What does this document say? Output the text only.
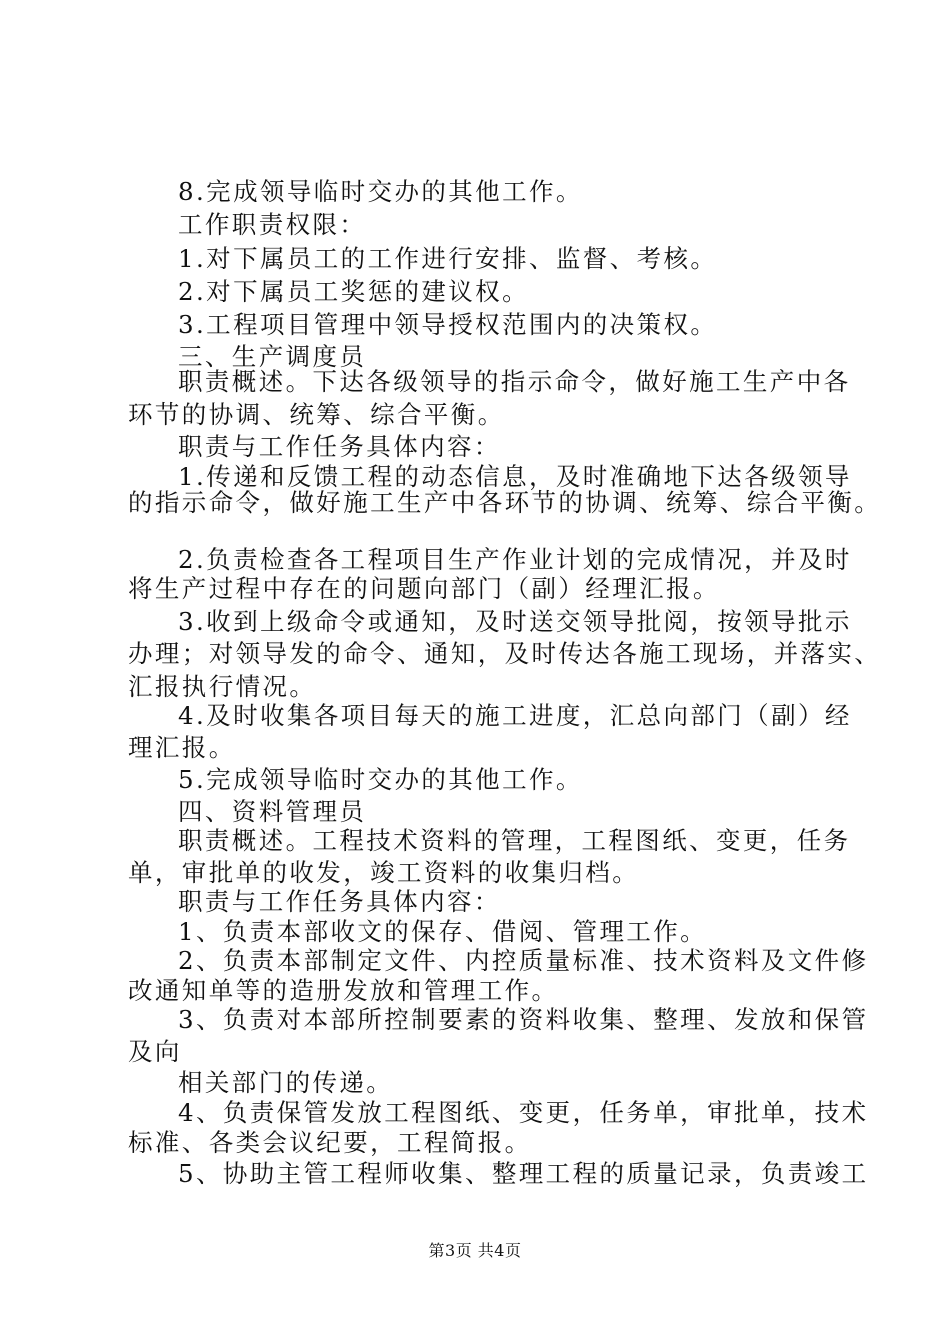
8.完成领导临时交办的其他工作。
工作职责权限：
1.对下属员工的工作进行安排、监督、考核。
2.对下属员工奖惩的建议权。
3.工程项目管理中领导授权范围内的决策权。
三、生产调度员
职责概述。下达各级领导的指示命令，做好施工生产中各
环节的协调、统筹、综合平衡。
职责与工作任务具体内容：
1.传递和反馈工程的动态信息，及时准确地下达各级领导
的指示命令，做好施工生产中各环节的协调、统筹、综合平衡。
2.负责检查各工程项目生产作业计划的完成情况，并及时
将生产过程中存在的问题向部门（副）经理汇报。
3.收到上级命令或通知，及时送交领导批阅，按领导批示
办理；对领导发的命令、通知，及时传达各施工现场，并落实、
汇报执行情况。
4.及时收集各项目每天的施工进度，汇总向部门（副）经
理汇报。
5.完成领导临时交办的其他工作。
四、资料管理员
职责概述。工程技术资料的管理，工程图纸、变更，任务
单，审批单的收发，竣工资料的收集归档。
职责与工作任务具体内容：
1、负责本部收文的保存、借阅、管理工作。
2、负责本部制定文件、内控质量标准、技术资料及文件修
改通知单等的造册发放和管理工作。
3、负责对本部所控制要素的资料收集、整理、发放和保管
及向
相关部门的传递。
4、负责保管发放工程图纸、变更，任务单，审批单，技术
标准、各类会议纪要，工程简报。
5、协助主管工程师收集、整理工程的质量记录，负责竣工
第3页 共4页
